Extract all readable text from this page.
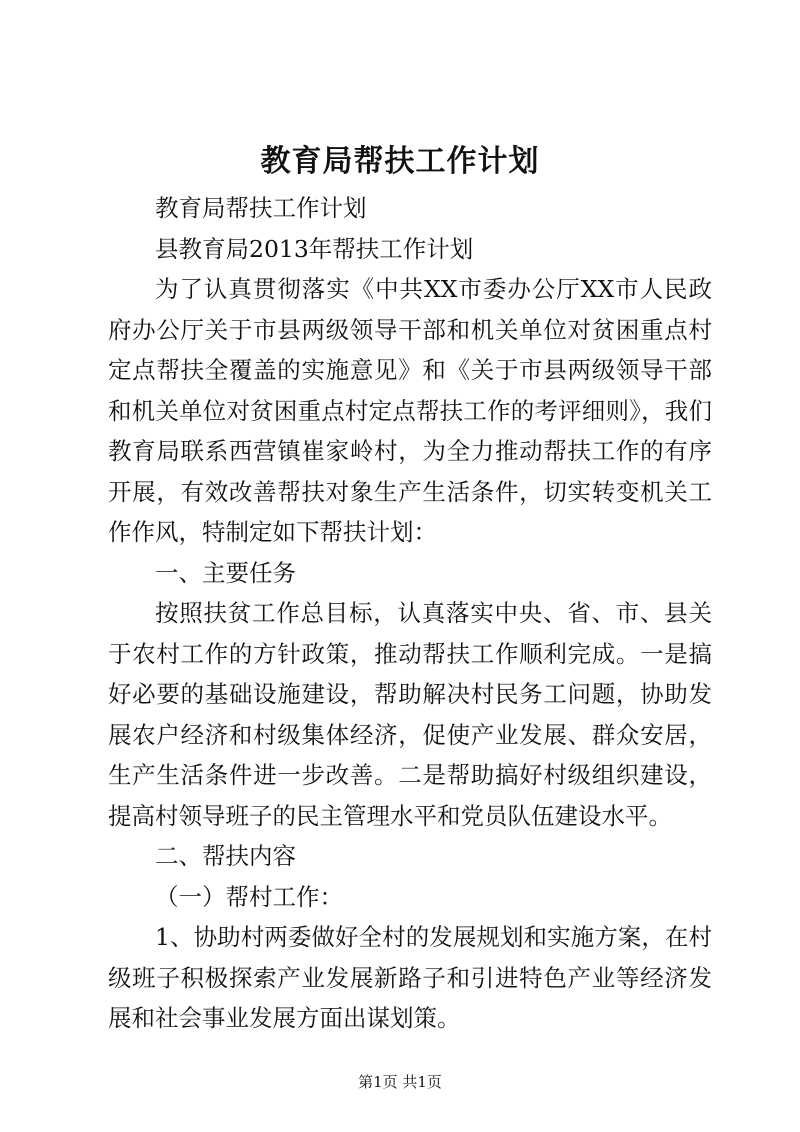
教育局帮扶工作计划

教育局帮扶工作计划

县教育局2013年帮扶工作计划

为了认真贯彻落实《中共XX市委办公厅XX市人民政府办公厅关于市县两级领导干部和机关单位对贫困重点村定点帮扶全覆盖的实施意见》和《关于市县两级领导干部和机关单位对贫困重点村定点帮扶工作的考评细则》，我们教育局联系西营镇崔家岭村，为全力推动帮扶工作的有序开展，有效改善帮扶对象生产生活条件，切实转变机关工作作风，特制定如下帮扶计划：

一、主要任务

按照扶贫工作总目标，认真落实中央、省、市、县关于农村工作的方针政策，推动帮扶工作顺利完成。一是搞好必要的基础设施建设，帮助解决村民务工问题，协助发展农户经济和村级集体经济，促使产业发展、群众安居，生产生活条件进一步改善。二是帮助搞好村级组织建设，提高村领导班子的民主管理水平和党员队伍建设水平。

二、帮扶内容

（一）帮村工作：

1、协助村两委做好全村的发展规划和实施方案，在村级班子积极探索产业发展新路子和引进特色产业等经济发展和社会事业发展方面出谋划策。

第1页 共1页
